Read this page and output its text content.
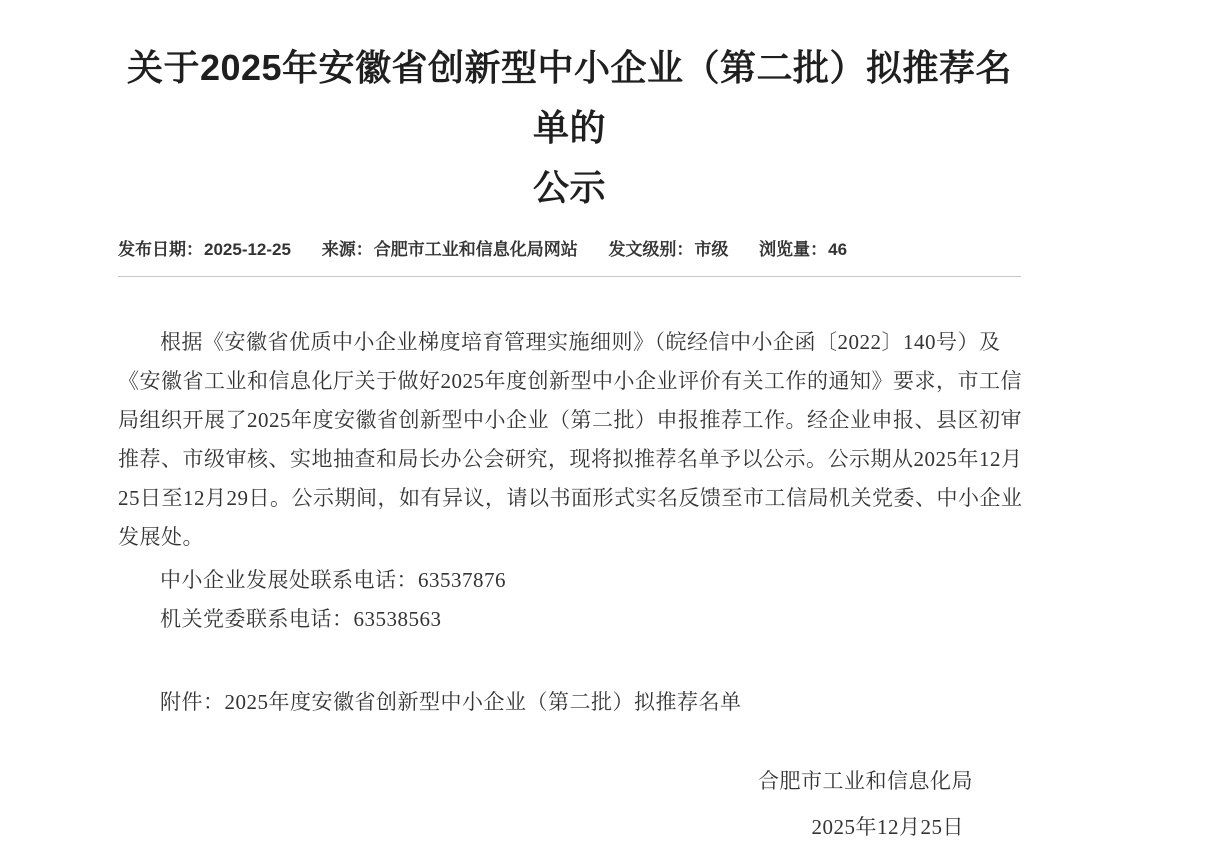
关于2025年安徽省创新型中小企业（第二批）拟推荐名单的
公示
发布日期：2025-12-25 来源：合肥市工业和信息化局网站 发文级别：市级 浏览量：46
根据《安徽省优质中小企业梯度培育管理实施细则》（皖经信中小企函〔2022〕140号）及
《安徽省工业和信息化厅关于做好2025年度创新型中小企业评价有关工作的通知》要求，市工信
局组织开展了2025年度安徽省创新型中小企业（第二批）申报推荐工作。经企业申报、县区初审
推荐、市级审核、实地抽查和局长办公会研究，现将拟推荐名单予以公示。公示期从2025年12月
25日至12月29日。公示期间，如有异议，请以书面形式实名反馈至市工信局机关党委、中小企业
发展处。
中小企业发展处联系电话：63537876
机关党委联系电话：63538563
附件：2025年度安徽省创新型中小企业（第二批）拟推荐名单
合肥市工业和信息化局
2025年12月25日
